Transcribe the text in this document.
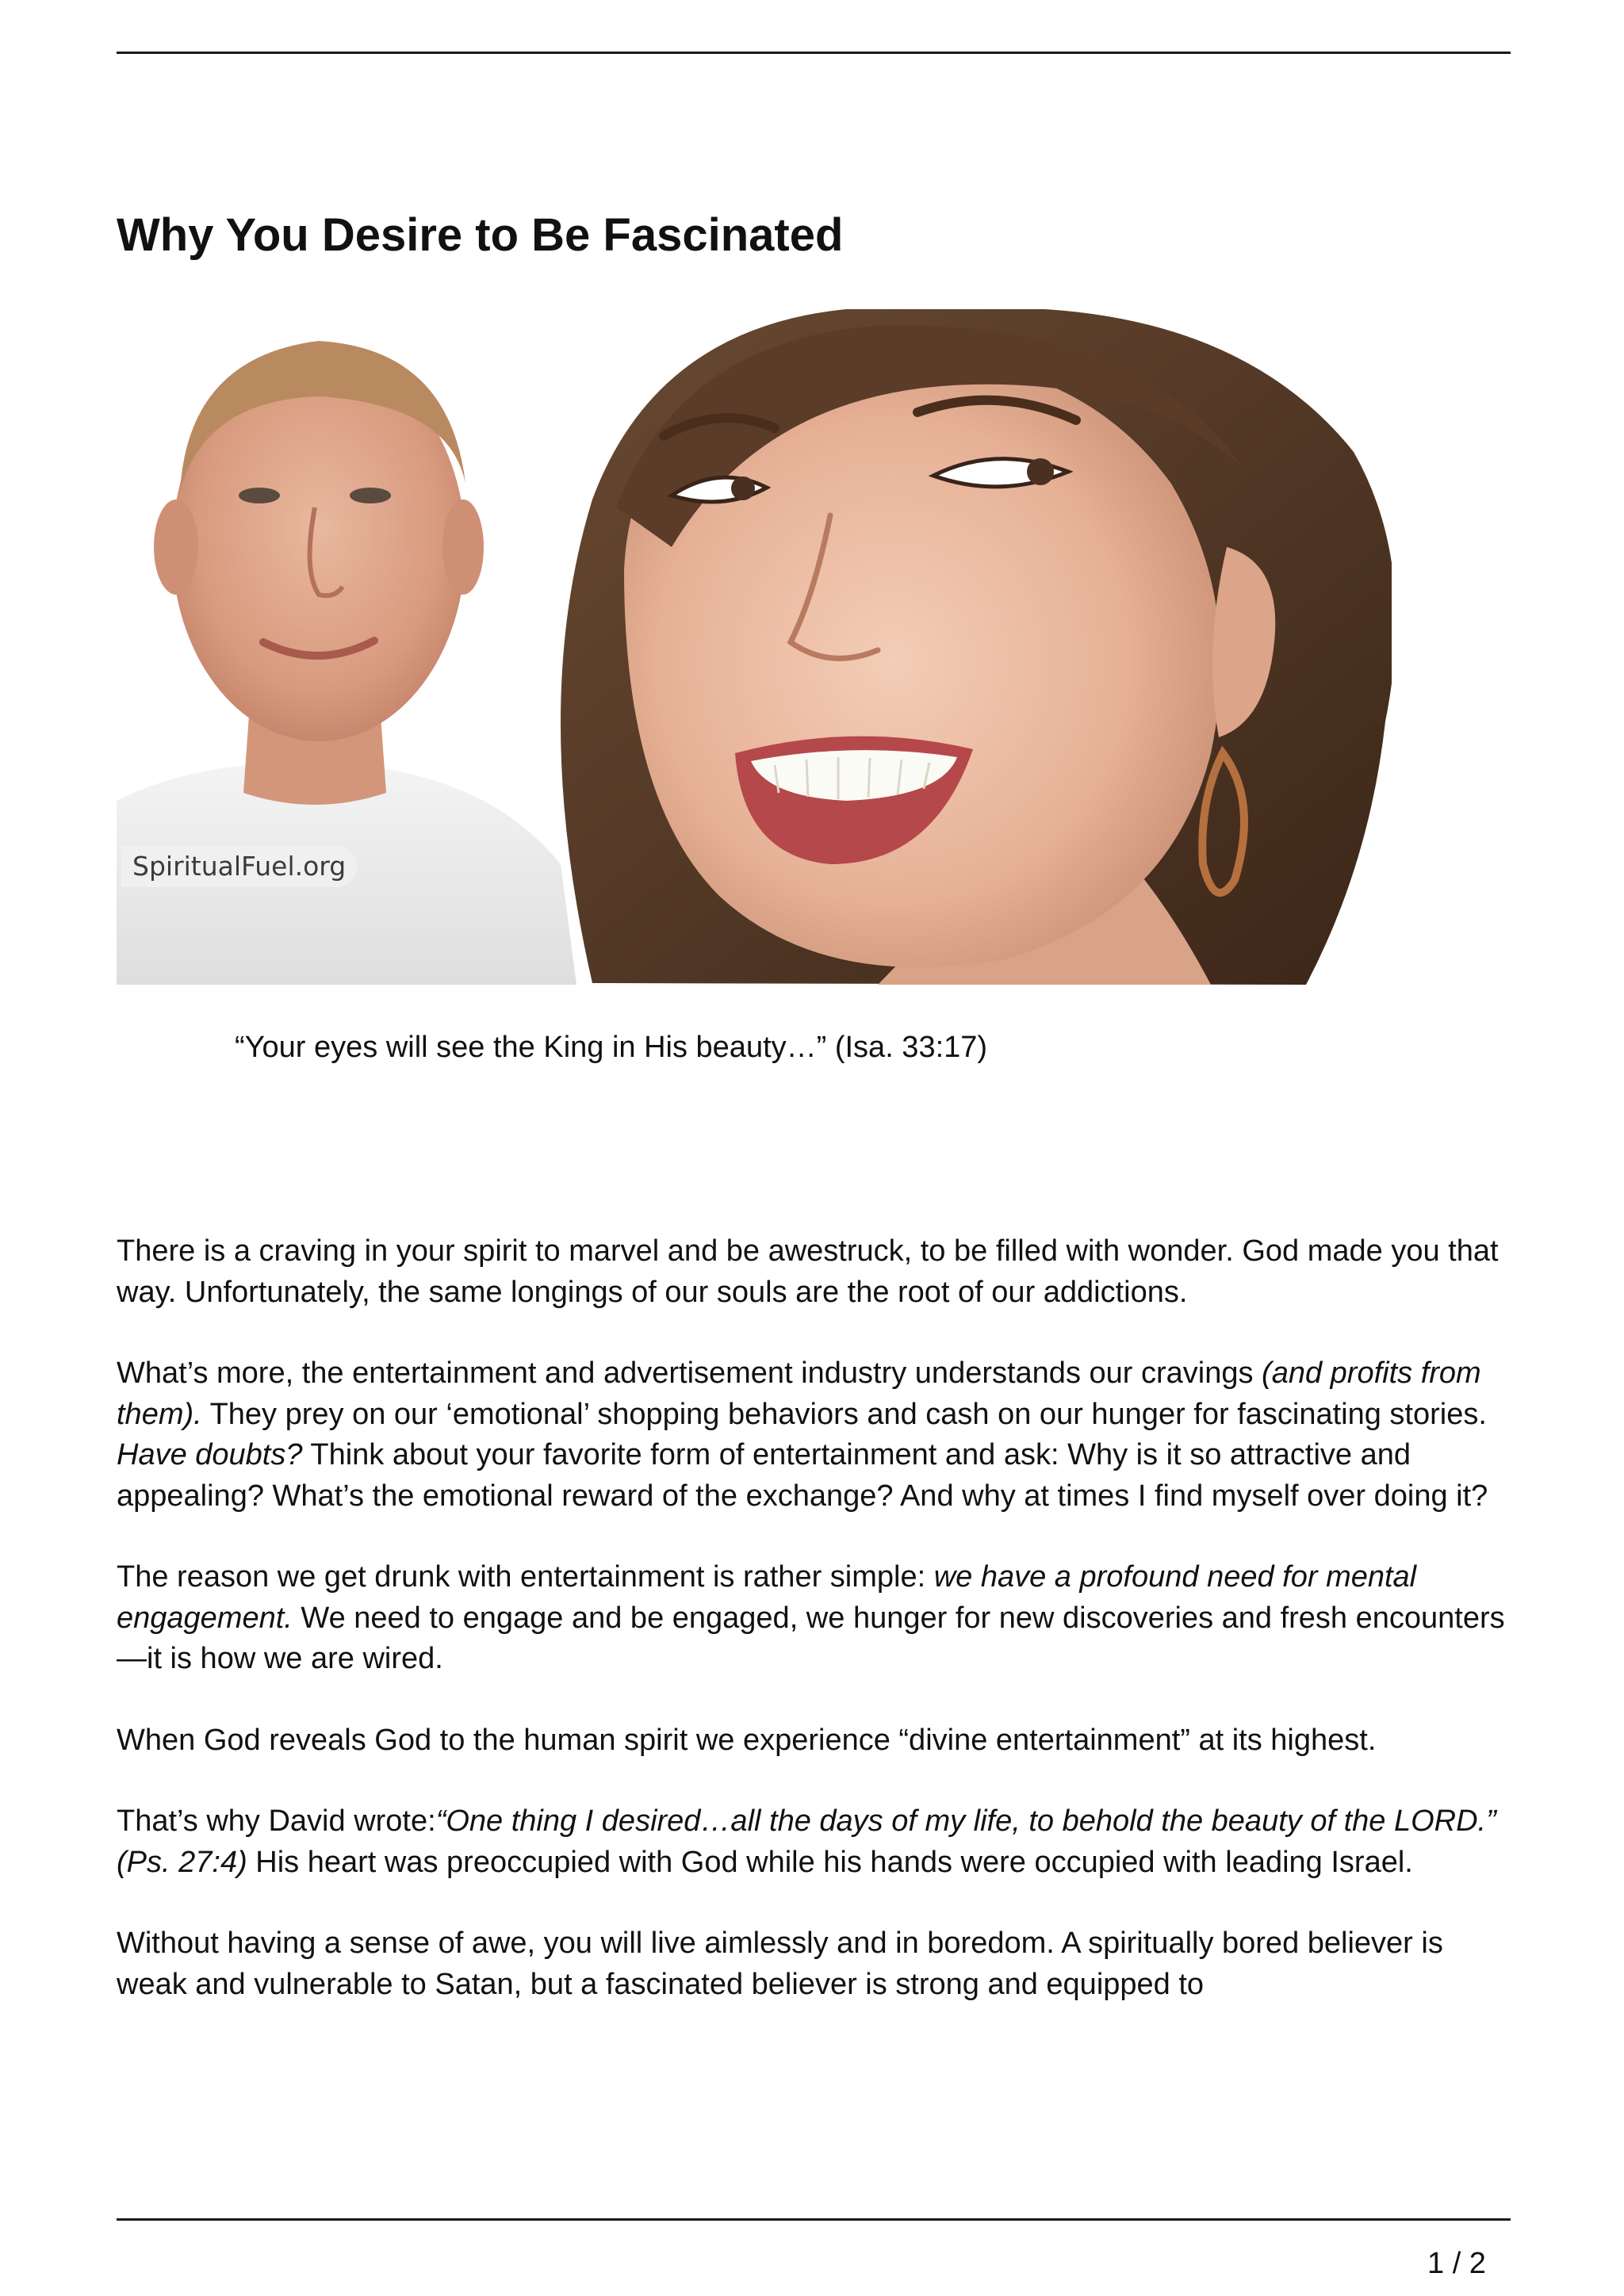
Why You Desire to Be Fascinated
SpiritualFuel.org
“Your eyes will see the King in His beauty…” (Isa. 33:17)

There is a craving in your spirit to marvel and be awestruck, to be filled with wonder. God made you that way. Unfortunately, the same longings of our souls are the root of our addictions.

What’s more, the entertainment and advertisement industry understands our cravings (and profits from them). They prey on our ‘emotional’ shopping behaviors and cash on our hunger for fascinating stories. Have doubts? Think about your favorite form of entertainment and ask: Why is it so attractive and appealing? What’s the emotional reward of the exchange? And why at times I find myself over doing it?

The reason we get drunk with entertainment is rather simple: we have a profound need for mental engagement. We need to engage and be engaged, we hunger for new discoveries and fresh encounters—it is how we are wired.

When God reveals God to the human spirit we experience “divine entertainment” at its highest.

That’s why David wrote:“One thing I desired…all the days of my life, to behold the beauty of the LORD.” (Ps. 27:4) His heart was preoccupied with God while his hands were occupied with leading Israel.

Without having a sense of awe, you will live aimlessly and in boredom. A spiritually bored believer is weak and vulnerable to Satan, but a fascinated believer is strong and equipped to

1 / 2
